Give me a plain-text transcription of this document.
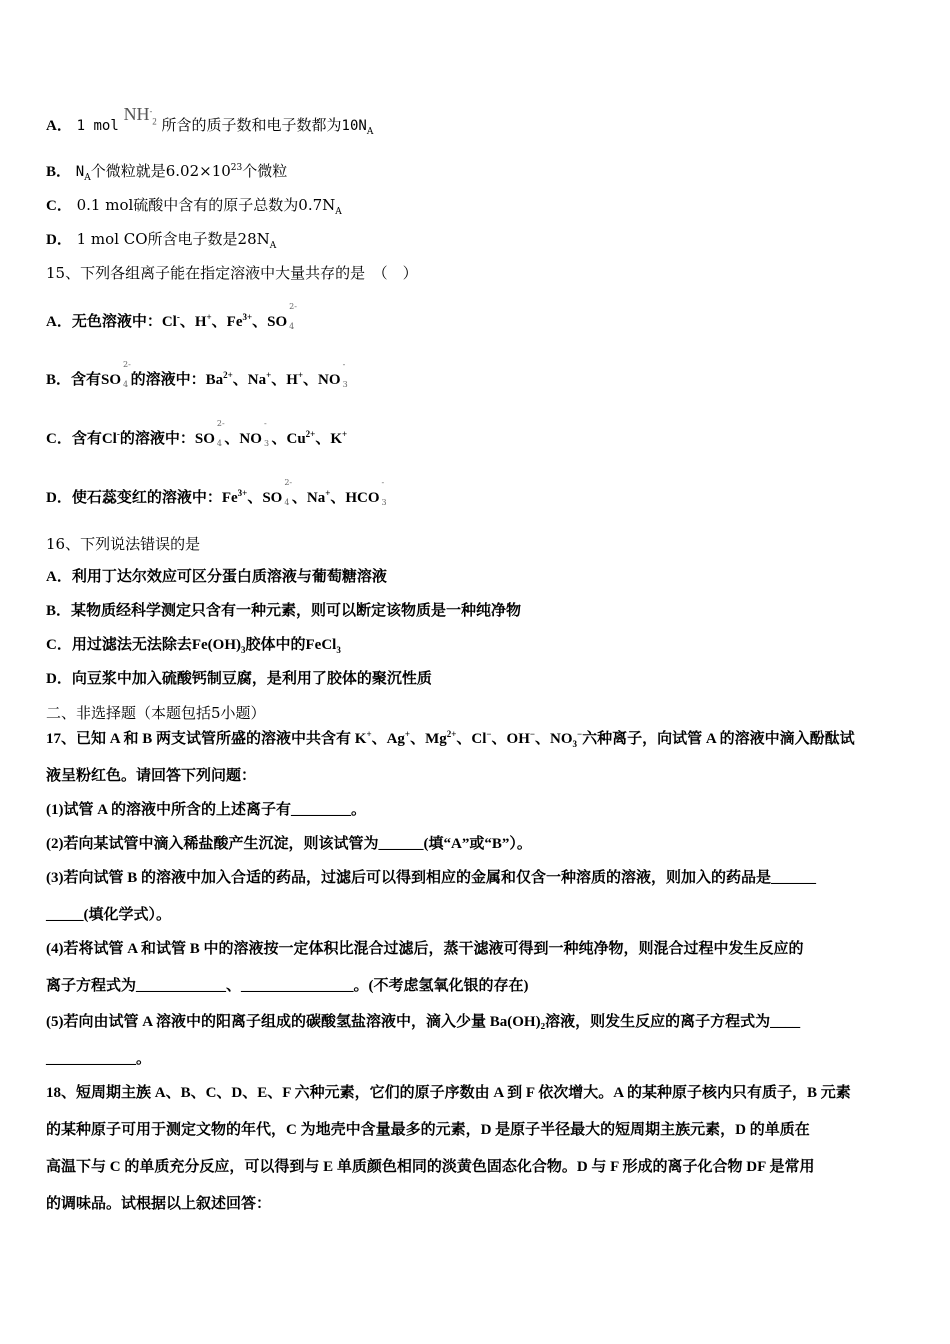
A． 1 mol $NH^-_2$ 所含的质子数和电子数都为$10N_A$
B． $N_A$个微粒就是$6.02\times 10^{23}$个微粒
C． 0.1 mol硫酸中含有的原子总数为$0.7N_A$
D． 1 mol CO所含电子数是$28N_A$
15、下列各组离子能在指定溶液中大量共存的是　（　）
A．无色溶液中：Cl-、H+、$Fe^{3+}$、SO
2-
4

B．含有SO
2-
4 的溶液中：$Ba^{2+}$、Na+、H+、NO
-
3

C．含有Cl-的溶液中：SO
2-
4 、NO
-
3 、$Cu^{2+}$、K+
D．使石蕊变红的溶液中：$Fe^{3+}$、SO
2-
4 、Na+、HCO
-
3

16、下列说法错误的是
A．利用丁达尔效应可区分蛋白质溶液与葡萄糖溶液
B．某物质经科学测定只含有一种元素，则可以断定该物质是一种纯净物
C．用过滤法无法除去$Fe(OH)_3$胶体中的FeCl$_3$
D．向豆浆中加入硫酸钙制豆腐，是利用了胶体的聚沉性质
二、非选择题（本题包括5小题）
17、已知 A 和 B 两支试管所盛的溶液中共含有 K+、Ag+、$Mg^{2+}$、Cl−、OH−、$NO_3^-$六种离子，向试管 A 的溶液中滴入酚酞试
液呈粉红色。请回答下列问题：
(1)试管 A 的溶液中所含的上述离子有________。
(2)若向某试管中滴入稀盐酸产生沉淀，则该试管为______(填“A”或“B”）。
(3)若向试管 B 的溶液中加入合适的药品，过滤后可以得到相应的金属和仅含一种溶质的溶液，则加入的药品是______
_____(填化学式）。
(4)若将试管 A 和试管 B 中的溶液按一定体积比混合过滤后，蒸干滤液可得到一种纯净物，则混合过程中发生反应的
离子方程式为____________、_______________。(不考虑氢氧化银的存在)
(5)若向由试管 A 溶液中的阳离子组成的碳酸氢盐溶液中，滴入少量 Ba(OH)₂溶液，则发生反应的离子方程式为____
____________。
18、短周期主族 A、B、C、D、E、F 六种元素，它们的原子序数由 A 到 F 依次增大。A 的某种原子核内只有质子，B 元素
的某种原子可用于测定文物的年代，C 为地壳中含量最多的元素，D 是原子半径最大的短周期主族元素，D 的单质在
高温下与 C 的单质充分反应，可以得到与 E 单质颜色相同的淡黄色固态化合物。D 与 F 形成的离子化合物 DF 是常用
的调味品。试根据以上叙述回答：
